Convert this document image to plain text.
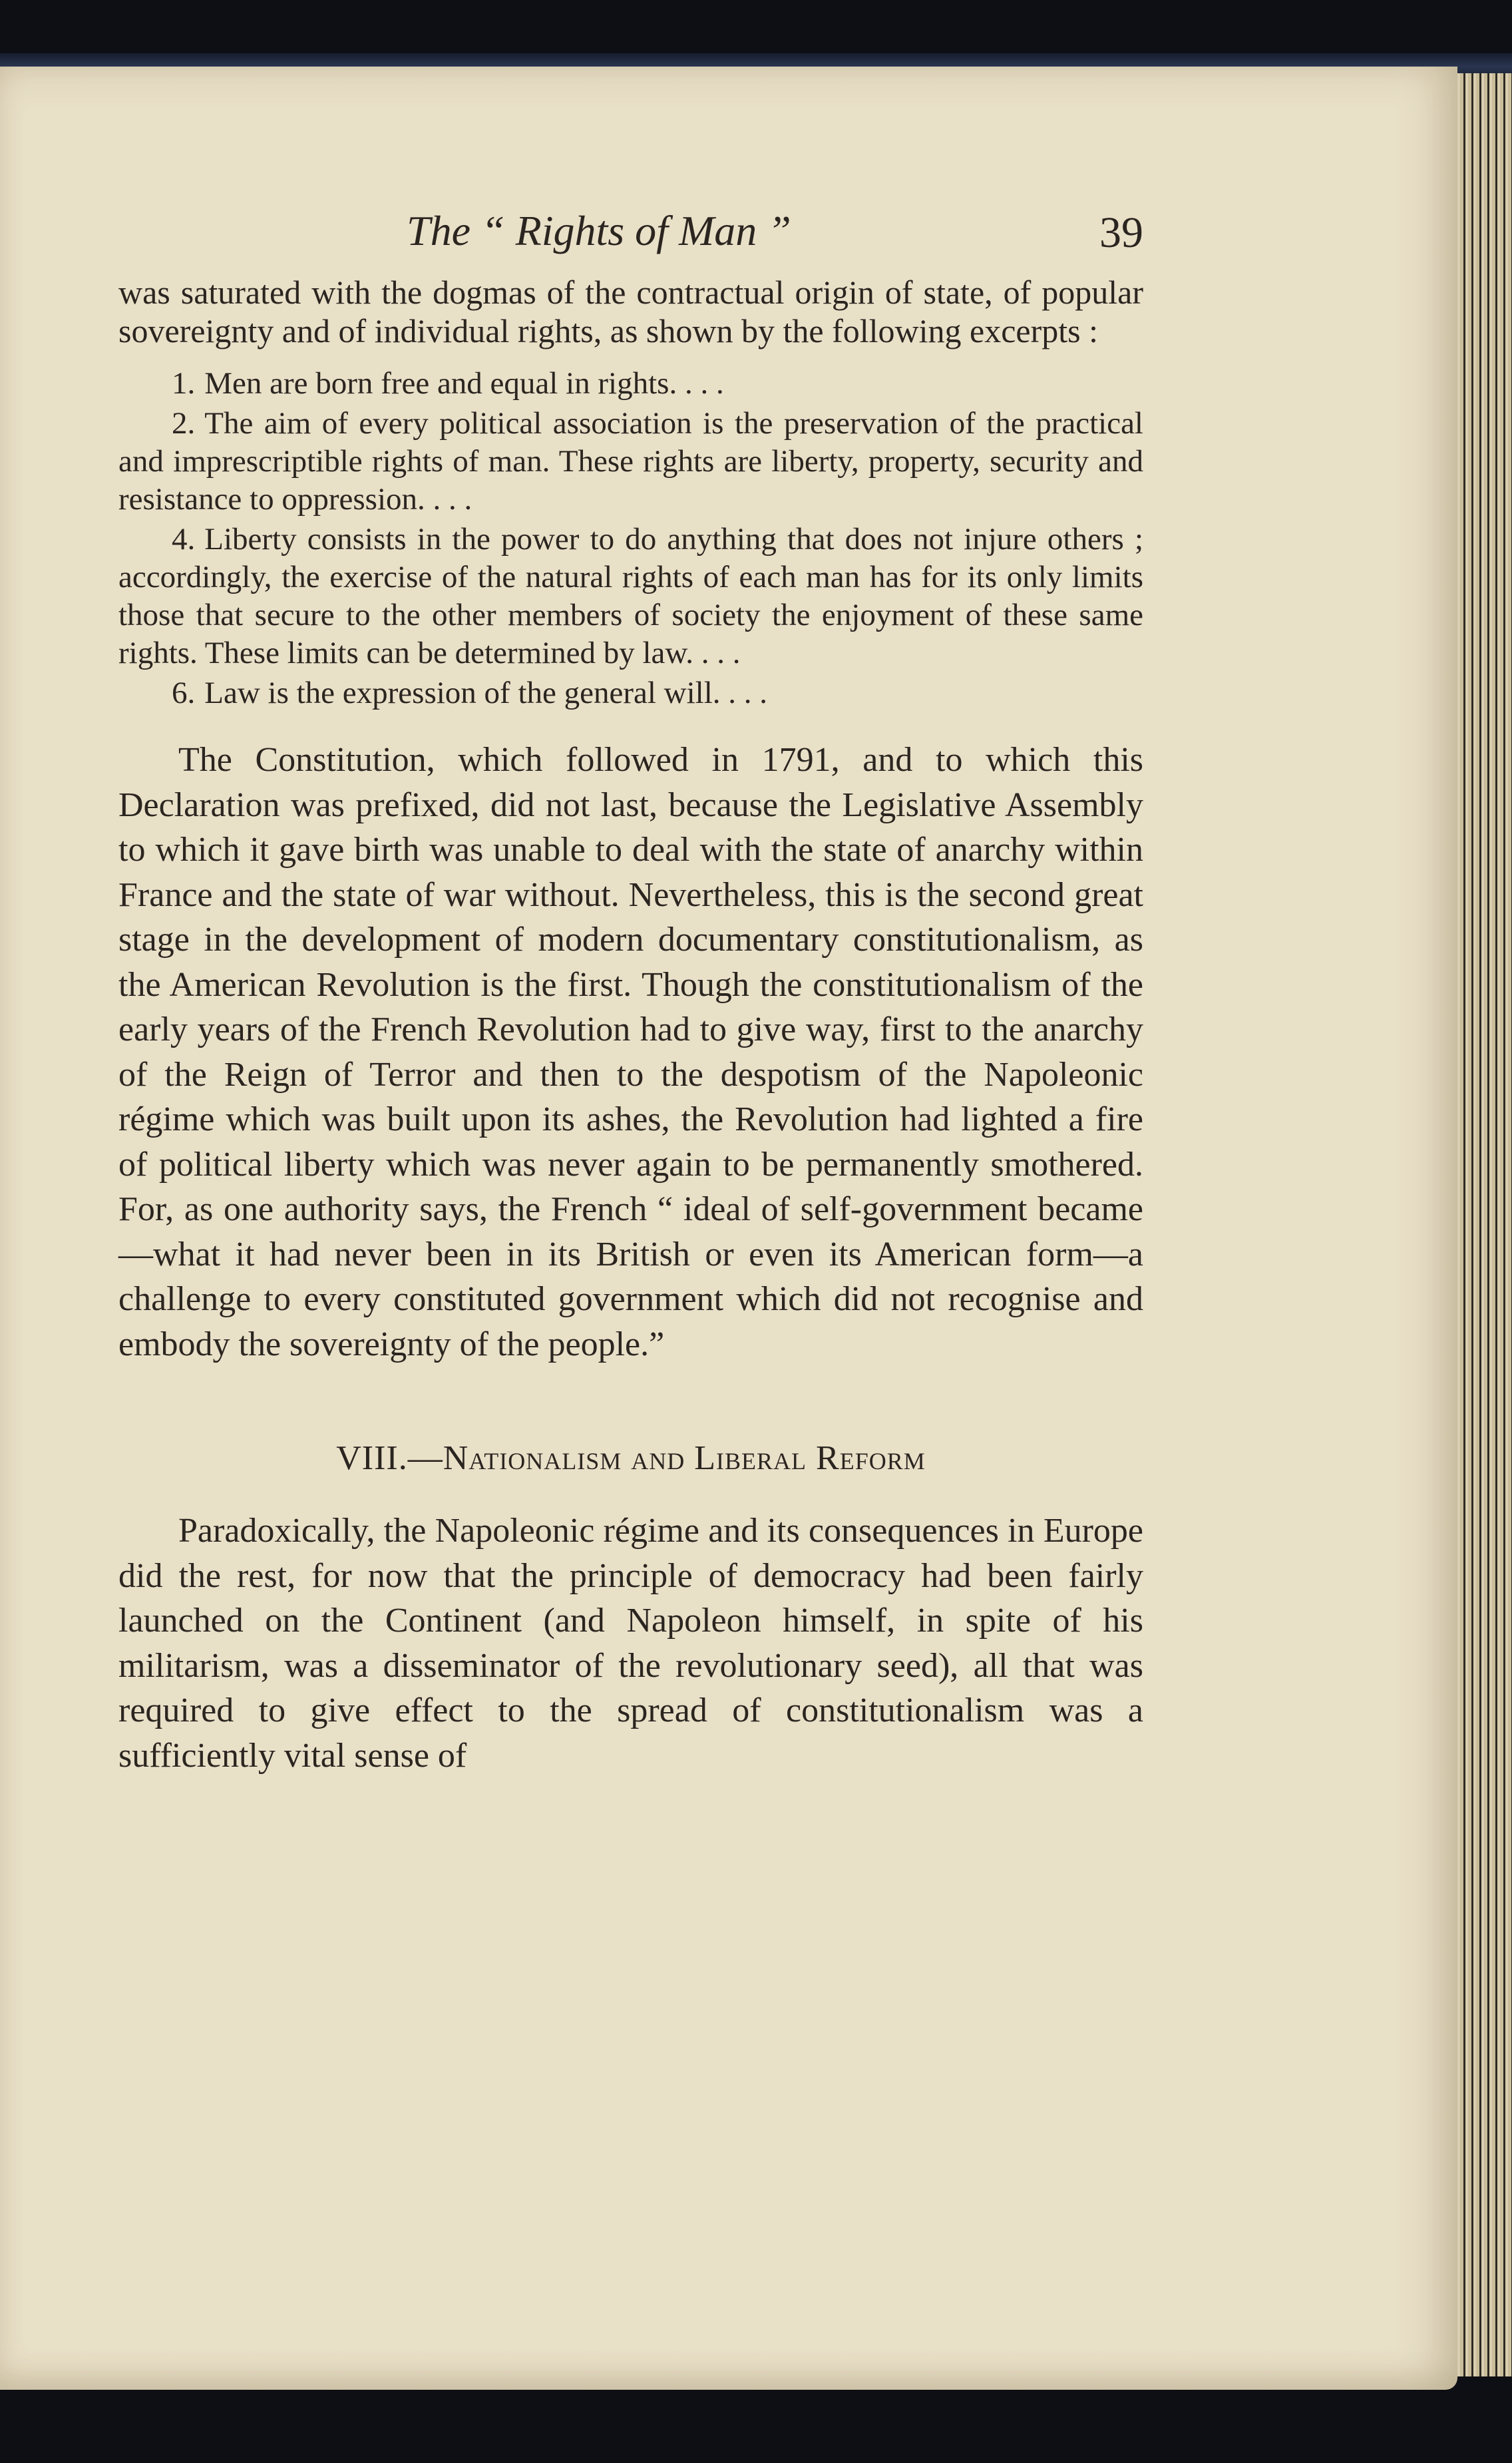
The “ Rights of Man ”	39

was saturated with the dogmas of the contractual origin of state, of popular sovereignty and of individual rights, as shown by the following excerpts :

1. Men are born free and equal in rights. . . .
2. The aim of every political association is the preservation of the practical and imprescriptible rights of man. These rights are liberty, property, security and resistance to oppression. . . .
4. Liberty consists in the power to do anything that does not injure others ; accordingly, the exercise of the natural rights of each man has for its only limits those that secure to the other members of society the enjoyment of these same rights. These limits can be determined by law. . . .
6. Law is the expression of the general will. . . .

The Constitution, which followed in 1791, and to which this Declaration was prefixed, did not last, because the Legislative Assembly to which it gave birth was unable to deal with the state of anarchy within France and the state of war without. Nevertheless, this is the second great stage in the development of modern documentary constitutionalism, as the American Revolution is the first. Though the constitutionalism of the early years of the French Revolution had to give way, first to the anarchy of the Reign of Terror and then to the despotism of the Napoleonic régime which was built upon its ashes, the Revolution had lighted a fire of political liberty which was never again to be permanently smothered. For, as one authority says, the French “ ideal of self-government became—what it had never been in its British or even its American form—a challenge to every constituted government which did not recognise and embody the sovereignty of the people.”

VIII.—Nationalism and Liberal Reform

Paradoxically, the Napoleonic régime and its consequences in Europe did the rest, for now that the principle of democracy had been fairly launched on the Continent (and Napoleon himself, in spite of his militarism, was a disseminator of the revolutionary seed), all that was required to give effect to the spread of constitutionalism was a sufficiently vital sense of
